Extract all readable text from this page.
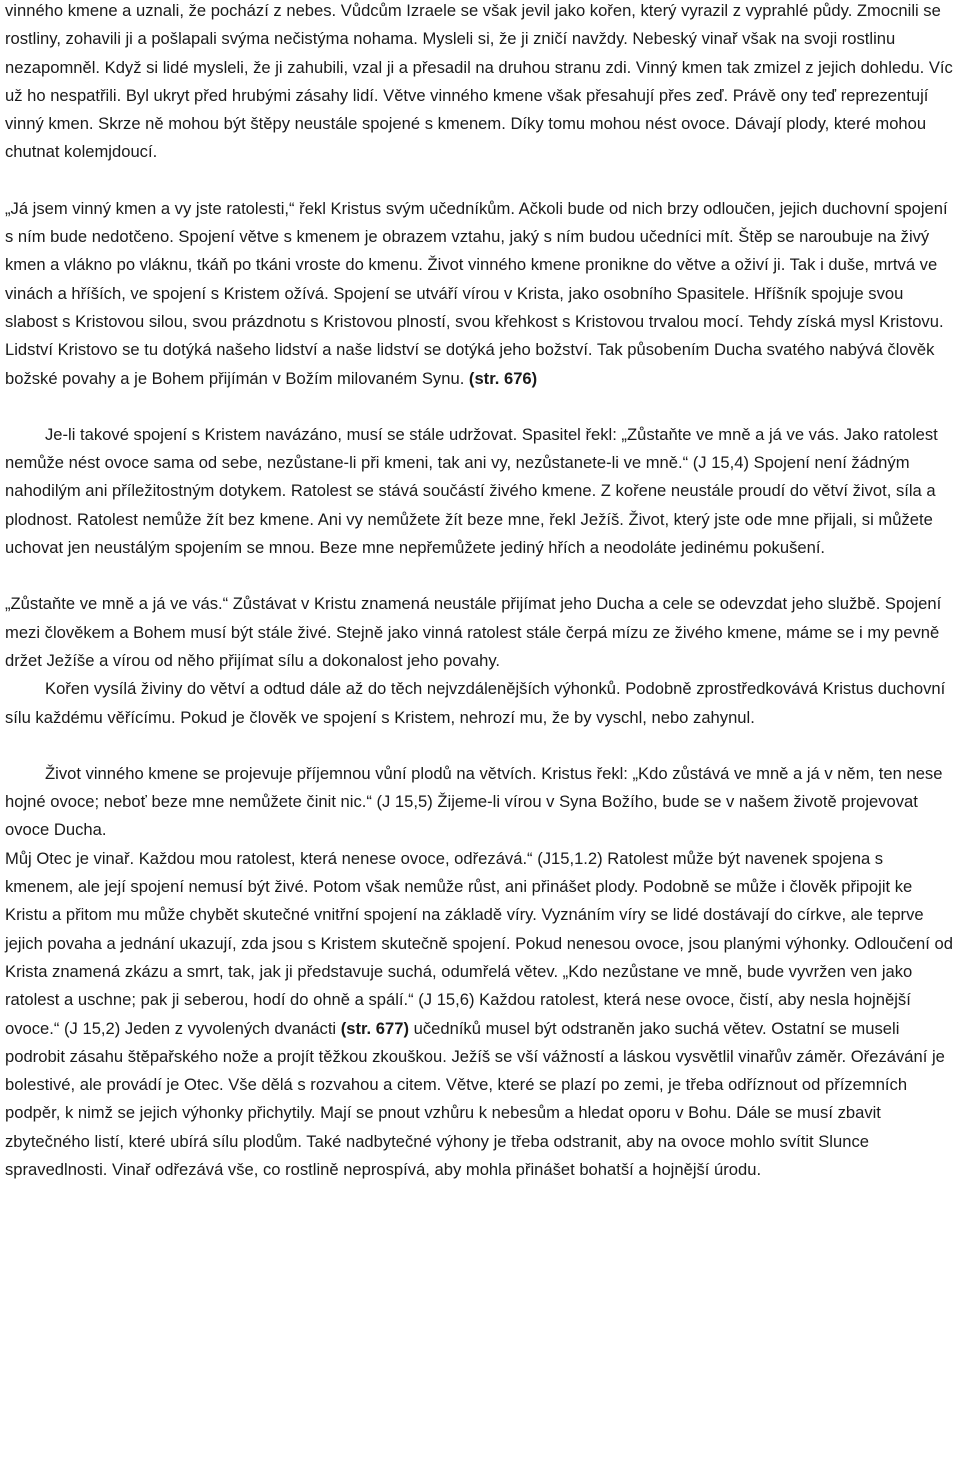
vinného kmene a uznali, že pochází z nebes. Vůdcům Izraele se však jevil jako kořen, který vyrazil z vyprahlé půdy. Zmocnili se rostliny, zohavili ji a pošlapali svýma nečistýma nohama. Mysleli si, že ji zničí navždy. Nebeský vinař však na svoji rostlinu nezapomněl. Když si lidé mysleli, že ji zahubili, vzal ji a přesadil na druhou stranu zdi. Vinný kmen tak zmizel z jejich dohledu. Víc už ho nespatřili. Byl ukryt před hrubými zásahy lidí. Větve vinného kmene však přesahují přes zeď. Právě ony teď reprezentují vinný kmen. Skrze ně mohou být štěpy neustále spojené s kmenem. Díky tomu mohou nést ovoce. Dávají plody, které mohou chutnat kolemjdoucí.

„Já jsem vinný kmen a vy jste ratolesti,“ řekl Kristus svým učedníkům. Ačkoli bude od nich brzy odloučen, jejich duchovní spojení s ním bude nedotčeno. Spojení větve s kmenem je obrazem vztahu, jaký s ním budou učedníci mít. Štěp se naroubuje na živý kmen a vlákno po vláknu, tkáň po tkáni vroste do kmenu. Život vinného kmene pronikne do větve a oživí ji. Tak i duše, mrtvá ve vinách a hříších, ve spojení s Kristem ožívá. Spojení se utváří vírou v Krista, jako osobního Spasitele. Hříšník spojuje svou slabost s Kristovou silou, svou prázdnotu s Kristovou plností, svou křehkost s Kristovou trvalou mocí. Tehdy získá mysl Kristovu. Lidství Kristovo se tu dotýká našeho lidství a naše lidství se dotýká jeho božství. Tak působením Ducha svatého nabývá člověk božské povahy a je Bohem přijímán v Božím milovaném Synu. (str. 676)

Je-li takové spojení s Kristem navázáno, musí se stále udržovat. Spasitel řekl: „Zůstaňte ve mně a já ve vás. Jako ratolest nemůže nést ovoce sama od sebe, nezůstane-li při kmeni, tak ani vy, nezůstanete-li ve mně.“ (J 15,4) Spojení není žádným nahodilým ani příležitostným dotykem. Ratolest se stává součástí živého kmene. Z kořene neustále proudí do větví život, síla a plodnost. Ratolest nemůže žít bez kmene. Ani vy nemůžete žít beze mne, řekl Ježíš. Život, který jste ode mne přijali, si můžete uchovat jen neustálým spojením se mnou. Beze mne nepřemůžete jediný hřích a neodoláte jedinému pokušení.

„Zůstaňte ve mně a já ve vás.“ Zůstávat v Kristu znamená neustále přijímat jeho Ducha a cele se odevzdat jeho službě. Spojení mezi člověkem a Bohem musí být stále živé. Stejně jako vinná ratolest stále čerpá mízu ze živého kmene, máme se i my pevně držet Ježíše a vírou od něho přijímat sílu a dokonalost jeho povahy.

Kořen vysílá živiny do větví a odtud dále až do těch nejvzdálenějších výhonků. Podobně zprostředkovává Kristus duchovní sílu každému věřícímu. Pokud je člověk ve spojení s Kristem, nehrozí mu, že by vyschl, nebo zahynul.

Život vinného kmene se projevuje příjemnou vůní plodů na větvích. Kristus řekl: „Kdo zůstává ve mně a já v něm, ten nese hojné ovoce; neboť beze mne nemůžete činit nic.“ (J 15,5) Žijeme-li vírou v Syna Božího, bude se v našem životě projevovat ovoce Ducha.

Můj Otec je vinař. Každou mou ratolest, která nenese ovoce, odřezává.“ (J15,1.2) Ratolest může být navenek spojena s kmenem, ale její spojení nemusí být živé. Potom však nemůže růst, ani přinášet plody. Podobně se může i člověk připojit ke Kristu a přitom mu může chybět skutečné vnitřní spojení na základě víry. Vyznáním víry se lidé dostávají do církve, ale teprve jejich povaha a jednání ukazují, zda jsou s Kristem skutečně spojení. Pokud nenesou ovoce, jsou planými výhonky. Odloučení od Krista znamená zkázu a smrt, tak, jak ji představuje suchá, odumřelá větev. „Kdo nezůstane ve mně, bude vyvržen ven jako ratolest a uschne; pak ji seberou, hodí do ohně a spálí.“ (J 15,6) Každou ratolest, která nese ovoce, čistí, aby nesla hojnější ovoce.“ (J 15,2) Jeden z vyvolených dvanácti (str. 677) učedníků musel být odstraněn jako suchá větev. Ostatní se museli podrobit zásahu štěpařského nože a projít těžkou zkouškou. Ježíš se vší vážností a láskou vysvětlil vinařův záměr. Ořezávání je bolestivé, ale provádí je Otec. Vše dělá s rozvahou a citem. Větve, které se plazí po zemi, je třeba odříznout od přízemních podpěr, k nimž se jejich výhonky přichytily. Mají se pnout vzhůru k nebesům a hledat oporu v Bohu. Dále se musí zbavit zbytečného listí, které ubírá sílu plodům. Také nadbytečné výhony je třeba odstranit, aby na ovoce mohlo svítit Slunce spravedlnosti. Vinař odřezává vše, co rostlině neprospívá, aby mohla přinášet bohatší a hojnější úrodu.
